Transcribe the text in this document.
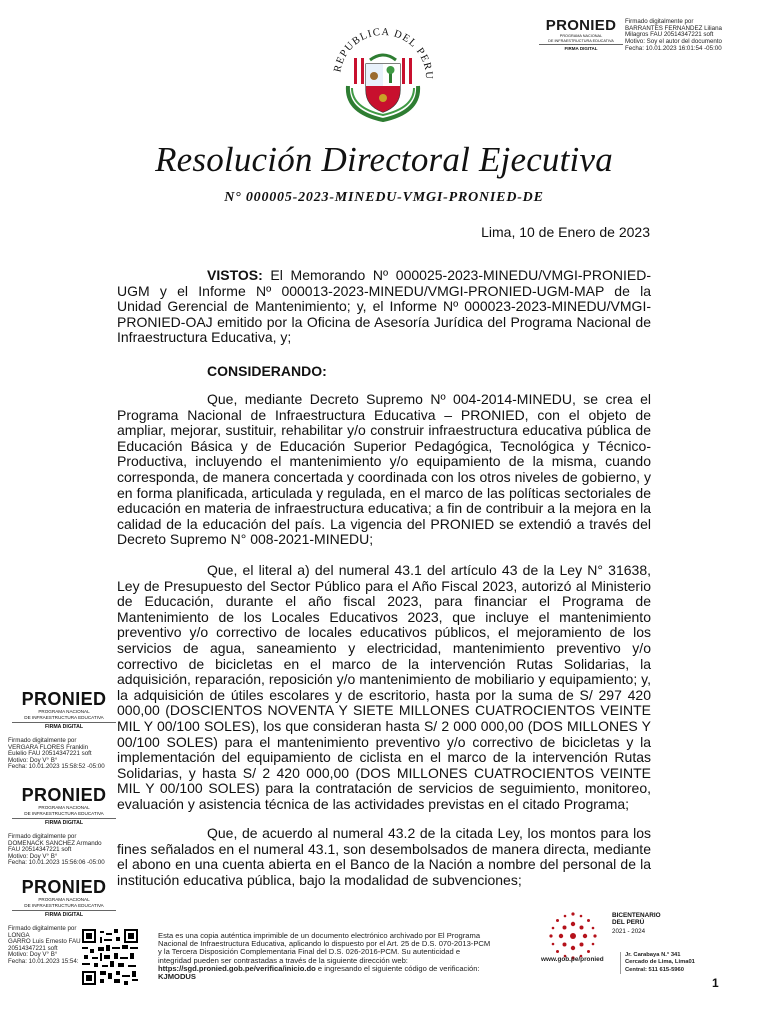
REPUBLICA DEL PERU
PRONIED
PROGRAMA NACIONAL
DE INFRAESTRUCTURA EDUCATIVA
FIRMA DIGITAL
Firmado digitalmente por
BARRANTES FERNANDEZ Liliana
Milagros FAU 20514347221 soft
Motivo: Soy el autor del documento
Fecha: 10.01.2023 16:01:54 -05:00
PRONIED
PROGRAMA NACIONAL
DE INFRAESTRUCTURA EDUCATIVA
FIRMA DIGITAL
Firmado digitalmente por
VERGARA FLORES Franklin
Eulelio FAU 20514347221 soft
Motivo: Doy V° B°
Fecha: 10.01.2023 15:58:52 -05:00
PRONIED
PROGRAMA NACIONAL
DE INFRAESTRUCTURA EDUCATIVA
FIRMA DIGITAL
Firmado digitalmente por
DOMENACK SANCHEZ Armando
FAU 20514347221 soft
Motivo: Doy V° B°
Fecha: 10.01.2023 15:56:06 -05:00
PRONIED
PROGRAMA NACIONAL
DE INFRAESTRUCTURA EDUCATIVA
FIRMA DIGITAL
Firmado digitalmente por LONGA
GARRO Luis Ernesto FAU
20514347221 soft
Motivo: Doy V° B°
Fecha: 10.01.2023 15:54:
Resolución Directoral Ejecutiva
N° 000005-2023-MINEDU-VMGI-PRONIED-DE
Lima, 10 de Enero de 2023
VISTOS: El Memorando Nº 000025-2023-MINEDU/VMGI-PRONIED-UGM y el Informe Nº 000013-2023-MINEDU/VMGI-PRONIED-UGM-MAP de la Unidad Gerencial de Mantenimiento; y, el Informe Nº 000023-2023-MINEDU/VMGI-PRONIED-OAJ emitido por la Oficina de Asesoría Jurídica del Programa Nacional de Infraestructura Educativa, y;
CONSIDERANDO:
Que, mediante Decreto Supremo Nº 004-2014-MINEDU, se crea el Programa Nacional de Infraestructura Educativa – PRONIED, con el objeto de ampliar, mejorar, sustituir, rehabilitar y/o construir infraestructura educativa pública de Educación Básica y de Educación Superior Pedagógica, Tecnológica y Técnico-Productiva, incluyendo el mantenimiento y/o equipamiento de la misma, cuando corresponda, de manera concertada y coordinada con los otros niveles de gobierno, y en forma planificada, articulada y regulada, en el marco de las políticas sectoriales de educación en materia de infraestructura educativa; a fin de contribuir a la mejora en la calidad de la educación del país. La vigencia del PRONIED se extendió a través del Decreto Supremo N° 008-2021-MINEDU;
Que, el literal a) del numeral 43.1 del artículo 43 de la Ley N° 31638, Ley de Presupuesto del Sector Público para el Año Fiscal 2023, autorizó al Ministerio de Educación, durante el año fiscal 2023, para financiar el Programa de Mantenimiento de los Locales Educativos 2023, que incluye el mantenimiento preventivo y/o correctivo de locales educativos públicos, el mejoramiento de los servicios de agua, saneamiento y electricidad, mantenimiento preventivo y/o correctivo de bicicletas en el marco de la intervención Rutas Solidarias, la adquisición, reparación, reposición y/o mantenimiento de mobiliario y equipamiento; y, la adquisición de útiles escolares y de escritorio, hasta por la suma de S/ 297 420 000,00 (DOSCIENTOS NOVENTA Y SIETE MILLONES CUATROCIENTOS VEINTE MIL Y 00/100 SOLES), los que consideran hasta S/ 2 000 000,00 (DOS MILLONES Y 00/100 SOLES) para el mantenimiento preventivo y/o correctivo de bicicletas y la implementación del equipamiento de ciclista en el marco de la intervención Rutas Solidarias, y hasta S/ 2 420 000,00 (DOS MILLONES CUATROCIENTOS VEINTE MIL Y 00/100 SOLES) para la contratación de servicios de seguimiento, monitoreo, evaluación y asistencia técnica de las actividades previstas en el citado Programa;
Que, de acuerdo al numeral 43.2 de la citada Ley, los montos para los fines señalados en el numeral 43.1, son desembolsados de manera directa, mediante el abono en una cuenta abierta en el Banco de la Nación a nombre del personal de la institución educativa pública, bajo la modalidad de subvenciones;
Esta es una copia auténtica imprimible de un documento electrónico archivado por El Programa Nacional de Infraestructura Educativa, aplicando lo dispuesto por el Art. 25 de D.S. 070-2013-PCM y la Tercera Disposición Complementaria Final del D.S. 026-2016-PCM. Su autenticidad e integridad pueden ser contrastadas a través de la siguiente dirección web: https://sgd.pronied.gob.pe/verifica/inicio.do e ingresando el siguiente código de verificación: KJMODUS
BICENTENARIO
DEL PERÚ
2021 - 2024
www.gob.pe/pronied
Jr. Carabaya N.° 341
Cercado de Lima, Lima01
Central: 511 615-5960
1
